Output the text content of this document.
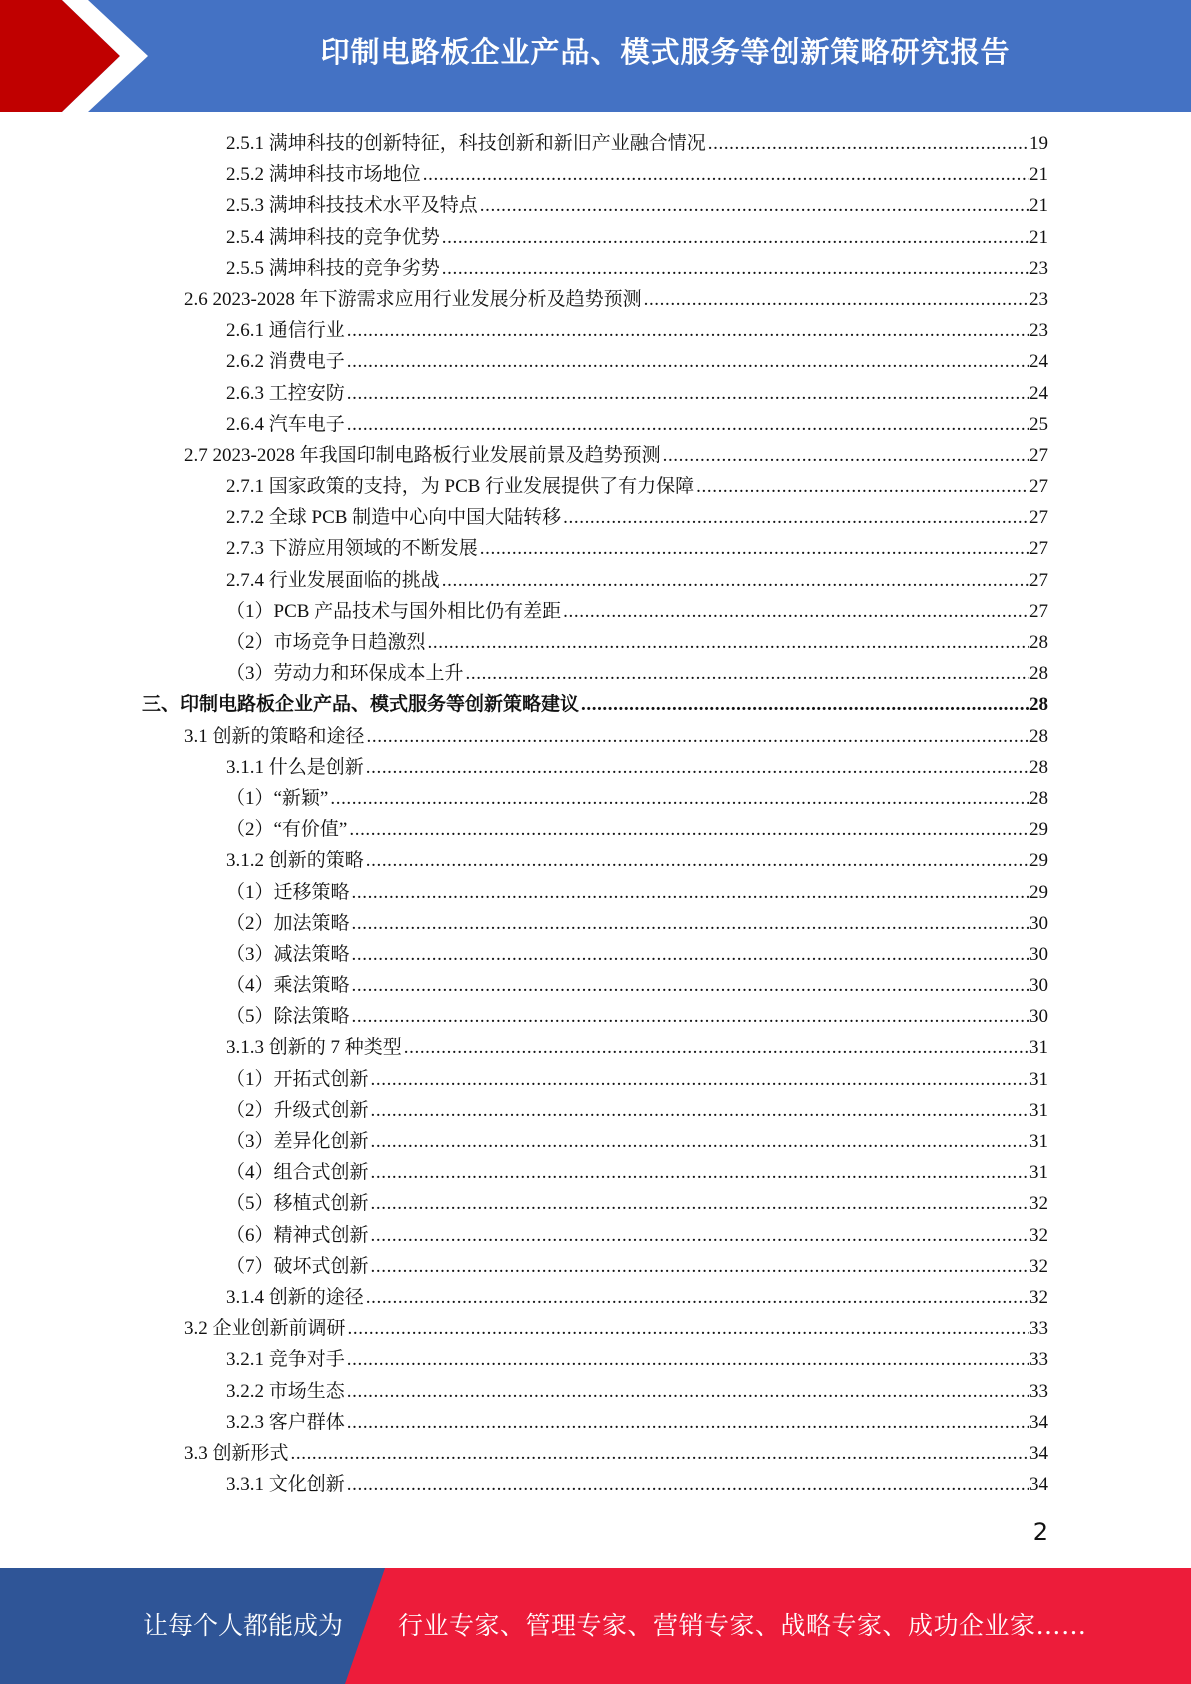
印制电路板企业产品、模式服务等创新策略研究报告
2.5.1 满坤科技的创新特征，科技创新和新旧产业融合情况 .....	19
2.5.2 满坤科技市场地位 .....	21
2.5.3 满坤科技技术水平及特点 .....	21
2.5.4 满坤科技的竞争优势 .....	21
2.5.5 满坤科技的竞争劣势 .....	23
2.6 2023-2028 年下游需求应用行业发展分析及趋势预测 .....	23
2.6.1 通信行业 .....	23
2.6.2 消费电子 .....	24
2.6.3 工控安防 .....	24
2.6.4 汽车电子 .....	25
2.7 2023-2028 年我国印制电路板行业发展前景及趋势预测 .....	27
2.7.1 国家政策的支持，为 PCB 行业发展提供了有力保障 .....	27
2.7.2 全球 PCB 制造中心向中国大陆转移 .....	27
2.7.3 下游应用领域的不断发展 .....	27
2.7.4 行业发展面临的挑战 .....	27
（1）PCB 产品技术与国外相比仍有差距 .....	27
（2）市场竞争日趋激烈 .....	28
（3）劳动力和环保成本上升 .....	28
三、印制电路板企业产品、模式服务等创新策略建议 .....	28
3.1 创新的策略和途径 .....	28
3.1.1 什么是创新 .....	28
（1）“新颖” .....	28
（2）“有价值” .....	29
3.1.2 创新的策略 .....	29
（1）迁移策略 .....	29
（2）加法策略 .....	30
（3）减法策略 .....	30
（4）乘法策略 .....	30
（5）除法策略 .....	30
3.1.3 创新的 7 种类型 .....	31
（1）开拓式创新 .....	31
（2）升级式创新 .....	31
（3）差异化创新 .....	31
（4）组合式创新 .....	31
（5）移植式创新 .....	32
（6）精神式创新 .....	32
（7）破坏式创新 .....	32
3.1.4 创新的途径 .....	32
3.2 企业创新前调研 .....	33
3.2.1 竞争对手 .....	33
3.2.2 市场生态 .....	33
3.2.3 客户群体 .....	34
3.3 创新形式 .....	34
3.3.1 文化创新 .....	34
2
让每个人都能成为 行业专家、管理专家、营销专家、战略专家、成功企业家……
